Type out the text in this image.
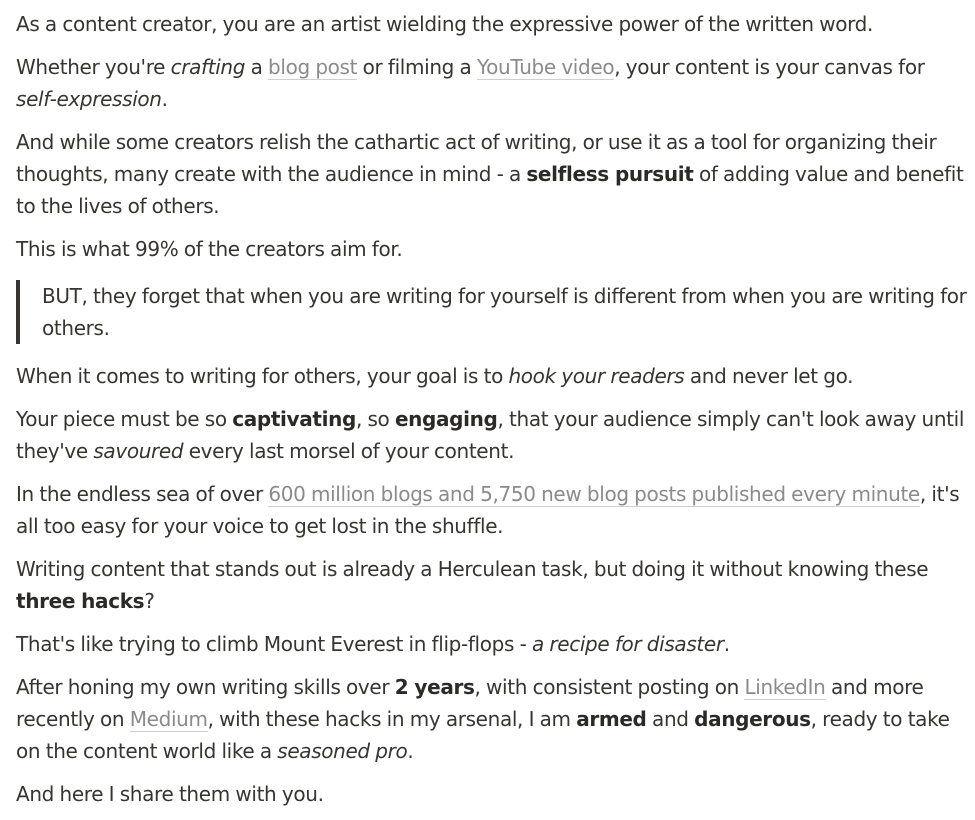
As a content creator, you are an artist wielding the expressive power of the written word.

Whether you're crafting a blog post or filming a YouTube video, your content is your canvas for self-expression.

And while some creators relish the cathartic act of writing, or use it as a tool for organizing their thoughts, many create with the audience in mind - a selfless pursuit of adding value and benefit to the lives of others.

This is what 99% of the creators aim for.

BUT, they forget that when you are writing for yourself is different from when you are writing for others.

When it comes to writing for others, your goal is to hook your readers and never let go.

Your piece must be so captivating, so engaging, that your audience simply can't look away until they've savoured every last morsel of your content.

In the endless sea of over 600 million blogs and 5,750 new blog posts published every minute, it's all too easy for your voice to get lost in the shuffle.

Writing content that stands out is already a Herculean task, but doing it without knowing these three hacks?

That's like trying to climb Mount Everest in flip-flops - a recipe for disaster.

After honing my own writing skills over 2 years, with consistent posting on LinkedIn and more recently on Medium, with these hacks in my arsenal, I am armed and dangerous, ready to take on the content world like a seasoned pro.

And here I share them with you.
